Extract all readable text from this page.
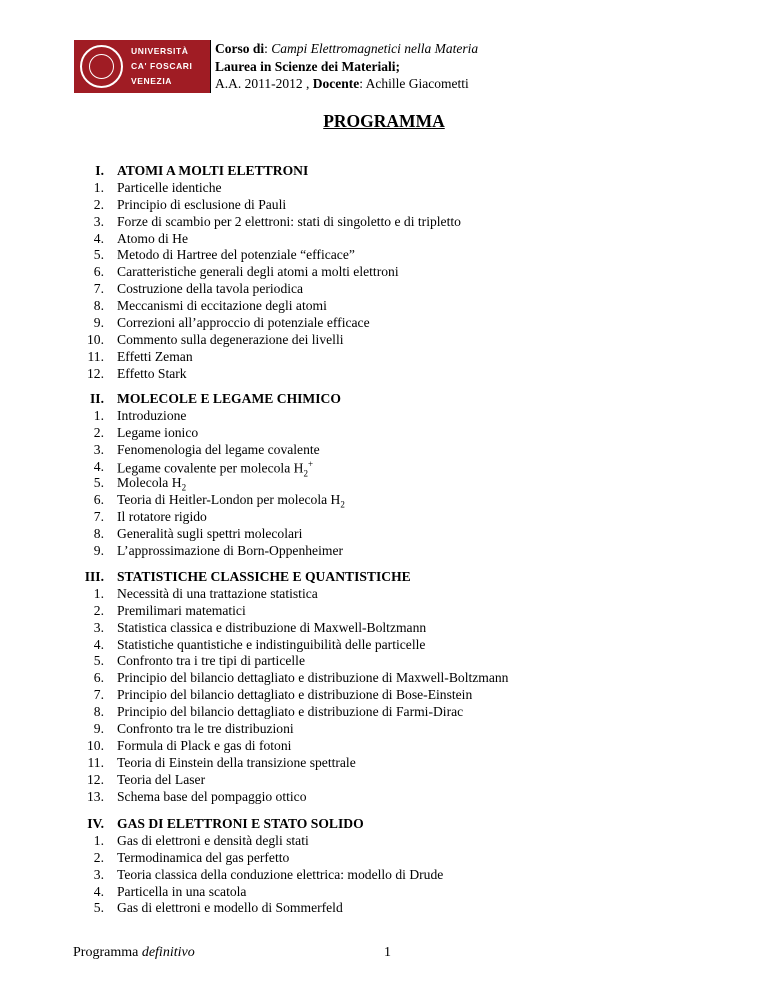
UNIVERSITÀ
CA' FOSCARI
VENEZIA
Corso di: Campi Elettromagnetici nella Materia
Laurea in Scienze dei Materiali;
A.A. 2011-2012 , Docente: Achille Giacometti
PROGRAMMA
I. ATOMI A MOLTI ELETTRONI
1. Particelle identiche
2. Principio di esclusione di Pauli
3. Forze di scambio per 2 elettroni: stati di singoletto e di tripletto
4. Atomo di He
5. Metodo di Hartree del potenziale “efficace”
6. Caratteristiche generali degli atomi a molti elettroni
7. Costruzione della tavola periodica
8. Meccanismi di eccitazione degli atomi
9. Correzioni all’approccio di potenziale efficace
10. Commento sulla degenerazione dei livelli
11. Effetti Zeman
12. Effetto Stark
II. MOLECOLE E LEGAME CHIMICO
1. Introduzione
2. Legame ionico
3. Fenomenologia del legame covalente
4. Legame covalente per molecola $H_2^+$
5. Molecola $H_2$
6. Teoria di Heitler-London per molecola $H_2$
7. Il rotatore rigido
8. Generalità sugli spettri molecolari
9. L’approssimazione di Born-Oppenheimer
III. STATISTICHE CLASSICHE E QUANTISTICHE
1. Necessità di una trattazione statistica
2. Premilimari matematici
3. Statistica classica e distribuzione di Maxwell-Boltzmann
4. Statistiche quantistiche e indistinguibilità delle particelle
5. Confronto tra i tre tipi di particelle
6. Principio del bilancio dettagliato e distribuzione di Maxwell-Boltzmann
7. Principio del bilancio dettagliato e distribuzione di Bose-Einstein
8. Principio del bilancio dettagliato e distribuzione di Farmi-Dirac
9. Confronto tra le tre distribuzioni
10. Formula di Plack e gas di fotoni
11. Teoria di Einstein della transizione spettrale
12. Teoria del Laser
13. Schema base del pompaggio ottico
IV. GAS DI ELETTRONI E STATO SOLIDO
1. Gas di elettroni e densità degli stati
2. Termodinamica del gas perfetto
3. Teoria classica della conduzione elettrica: modello di Drude
4. Particella in una scatola
5. Gas di elettroni e modello di Sommerfeld
Programma definitivo	1
